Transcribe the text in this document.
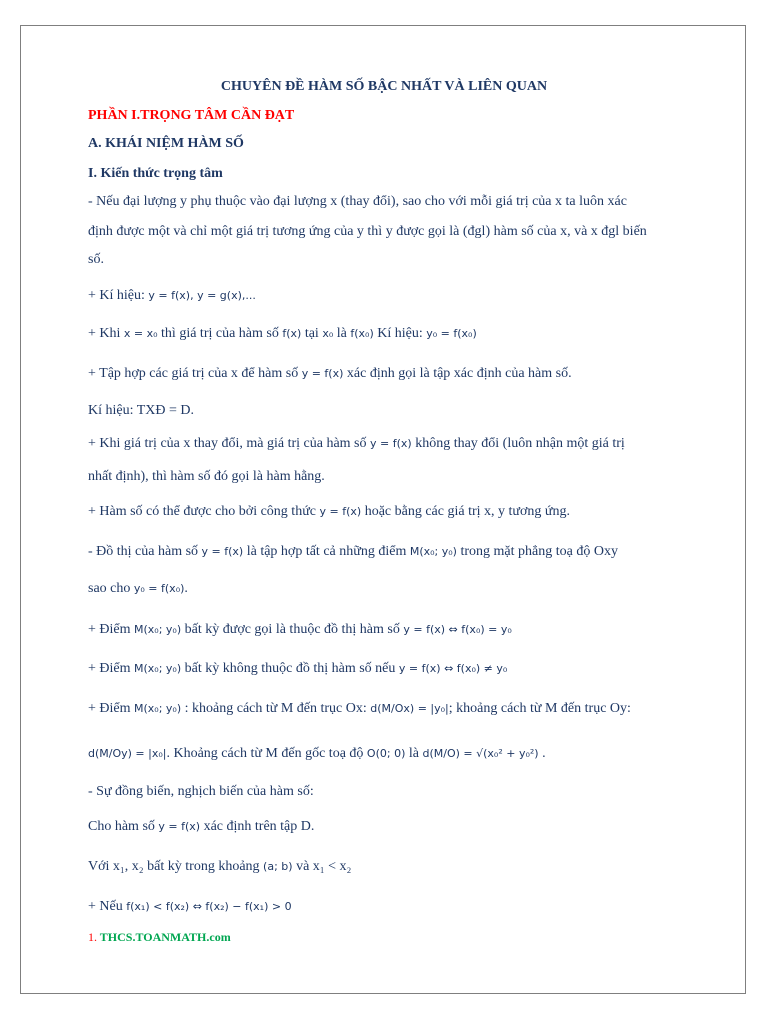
CHUYÊN ĐỀ HÀM SỐ BẬC NHẤT VÀ LIÊN QUAN
PHẦN I.TRỌNG TÂM CẦN ĐẠT
A. KHÁI NIỆM HÀM SỐ
I. Kiến thức trọng tâm
- Nếu đại lượng y phụ thuộc vào đại lượng x (thay đổi), sao cho với mỗi giá trị của x ta luôn xác
định được một và chỉ một giá trị tương ứng của y thì y được gọi là (đgl) hàm số của x, và x đgl biến
số.
+ Kí hiệu: y = f(x), y = g(x),...
+ Khi x = x₀ thì giá trị của hàm số f(x) tại x₀ là f(x₀) Kí hiệu: y₀ = f(x₀)
+ Tập hợp các giá trị của x để hàm số y = f(x) xác định gọi là tập xác định của hàm số.
Kí hiệu: TXĐ = D.
+ Khi giá trị của x thay đổi, mà giá trị của hàm số y = f(x) không thay đổi (luôn nhận một giá trị
nhất định), thì hàm số đó gọi là hàm hằng.
+ Hàm số có thể được cho bởi công thức y = f(x) hoặc bằng các giá trị x, y tương ứng.
- Đồ thị của hàm số y = f(x) là tập hợp tất cả những điểm M(x₀; y₀) trong mặt phẳng toạ độ Oxy
sao cho y₀ = f(x₀).
+ Điểm M(x₀; y₀) bất kỳ được gọi là thuộc đồ thị hàm số y = f(x) ⇔ f(x₀) = y₀
+ Điểm M(x₀; y₀) bất kỳ không thuộc đồ thị hàm số nếu y = f(x) ⇔ f(x₀) ≠ y₀
+ Điểm M(x₀; y₀) : khoảng cách từ M đến trục Ox: d(M/Ox) = |y₀|; khoảng cách từ M đến trục Oy:
d(M/Oy) = |x₀|. Khoảng cách từ M đến gốc toạ độ O(0; 0) là d(M/O) = √(x₀² + y₀²) .
- Sự đồng biến, nghịch biến của hàm số:
Cho hàm số y = f(x) xác định trên tập D.
Với x₁, x₂ bất kỳ trong khoảng (a; b) và x₁ < x₂
+ Nếu f(x₁) < f(x₂) ⇔ f(x₂) − f(x₁) > 0
1. THCS.TOANMATH.com
